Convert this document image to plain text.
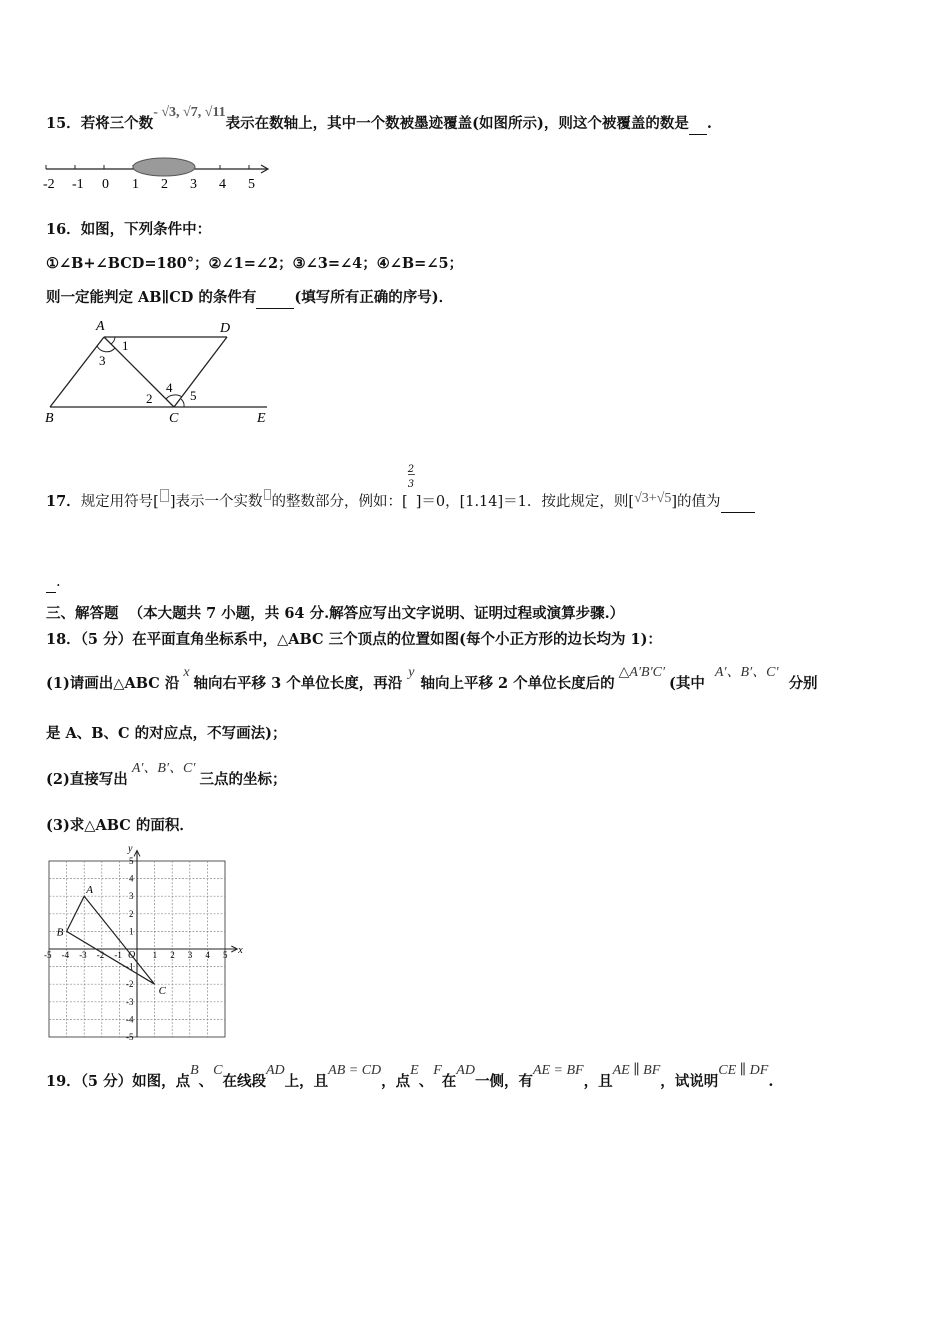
15．若将三个数- √3, √7, √11表示在数轴上，其中一个数被墨迹覆盖(如图所示)，则这个被覆盖的数是 .
-2 -1 0 1 2 3 4 5
16．如图，下列条件中：
①∠B+∠BCD=180°；②∠1=∠2；③∠3=∠4；④∠B=∠5；
则一定能判定 AB∥CD 的条件有	(填写所有正确的序号)．
A	D
B	C	E
1
3
2
4
5
17．规定用符号[ ]表示一个实数 的整数部分，例如：[ $\frac{2}{3} ]=0$，[1.14]＝1．按此规定，则[√3+√5]的值为
.
三、解答题 （本大题共 7 小题，共 64 分.解答应写出文字说明、证明过程或演算步骤.）
18．（5 分）在平面直角坐标系中，△ABC 三个顶点的位置如图(每个小正方形的边长均为 1)：
(1)请画出△ABC 沿x轴向右平移 3 个单位长度，再沿y轴向上平移 2 个单位长度后的△A′B′C′(其中A′、B′、C′分别
是 A、B、C 的对应点，不写画法)；
(2)直接写出A′、B′、C′三点的坐标；
(3)求△ABC 的面积．
x
y
O
-5 -4 -3 -2 -1	1 2 3 4 5
5
4
3
2
1
-1
-2
-3
-4
-5
A
B
C
19．（5 分）如图，点B、C在线段AD上，且AB = CD，点E、F在AD一侧，有AE = BF，且AE ∥ BF，试说明CE ∥ DF.
